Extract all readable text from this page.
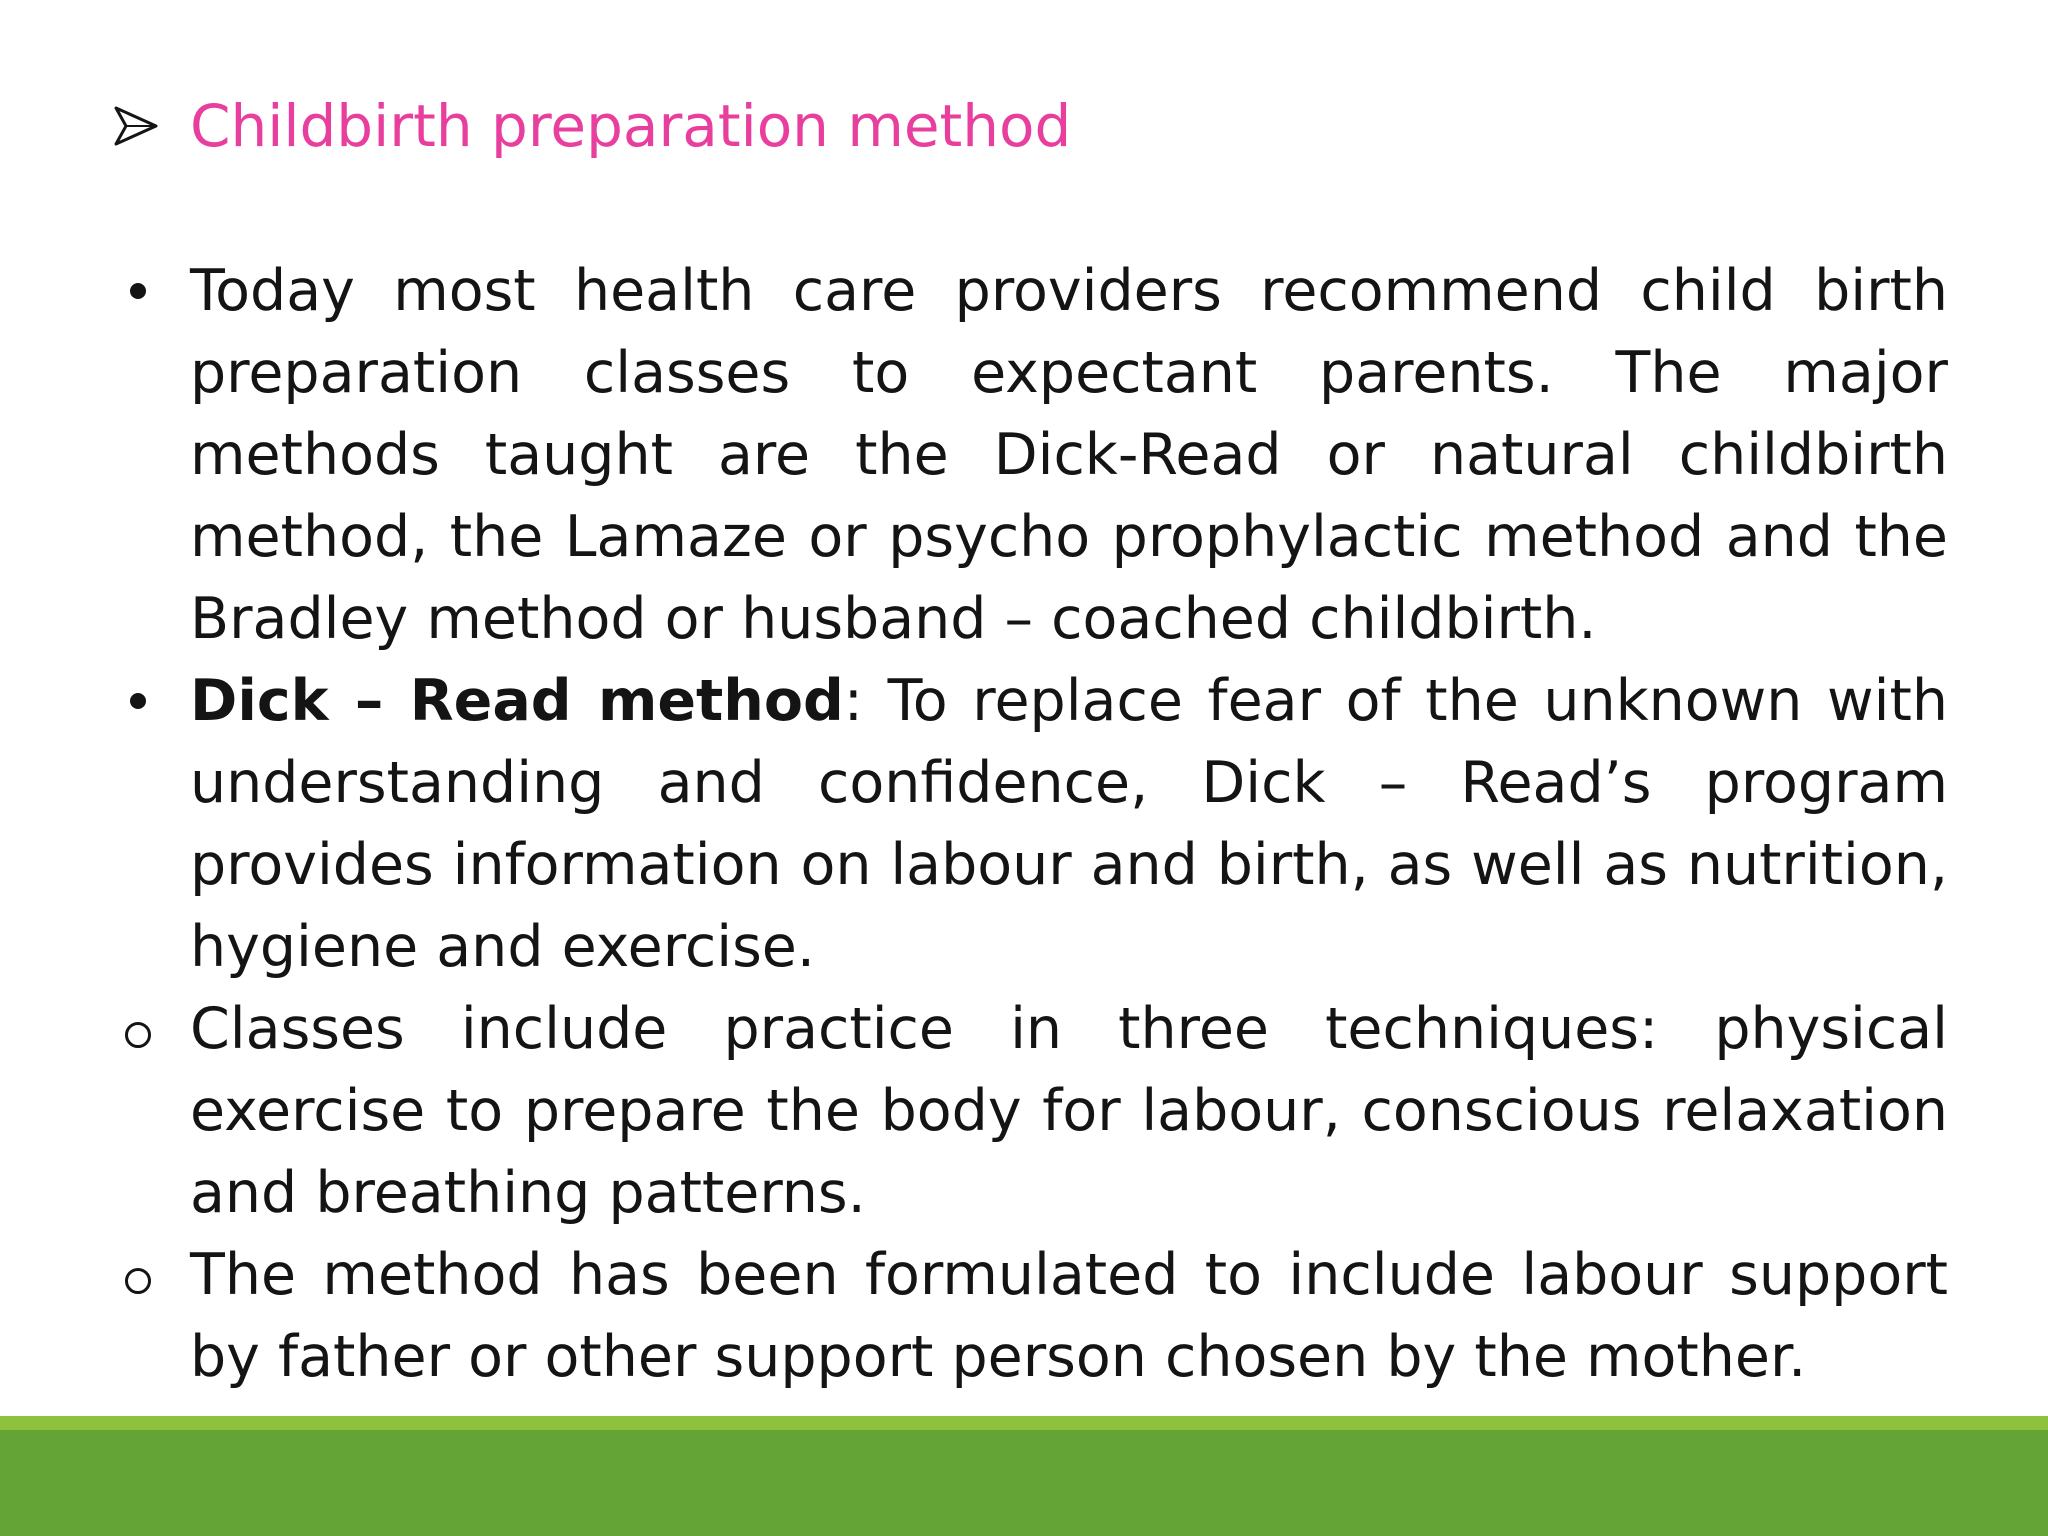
Childbirth preparation method
Today most health care providers recommend child birth preparation classes to expectant parents. The major methods taught are the Dick-Read or natural childbirth method, the Lamaze or psycho prophylactic method and the Bradley method or husband – coached childbirth.
Dick – Read method: To replace fear of the unknown with understanding and confidence, Dick – Read’s program provides information on labour and birth, as well as nutrition, hygiene and exercise.
Classes include practice in three techniques: physical exercise to prepare the body for labour, conscious relaxation and breathing patterns.
The method has been formulated to include labour support by father or other support person chosen by the mother.
